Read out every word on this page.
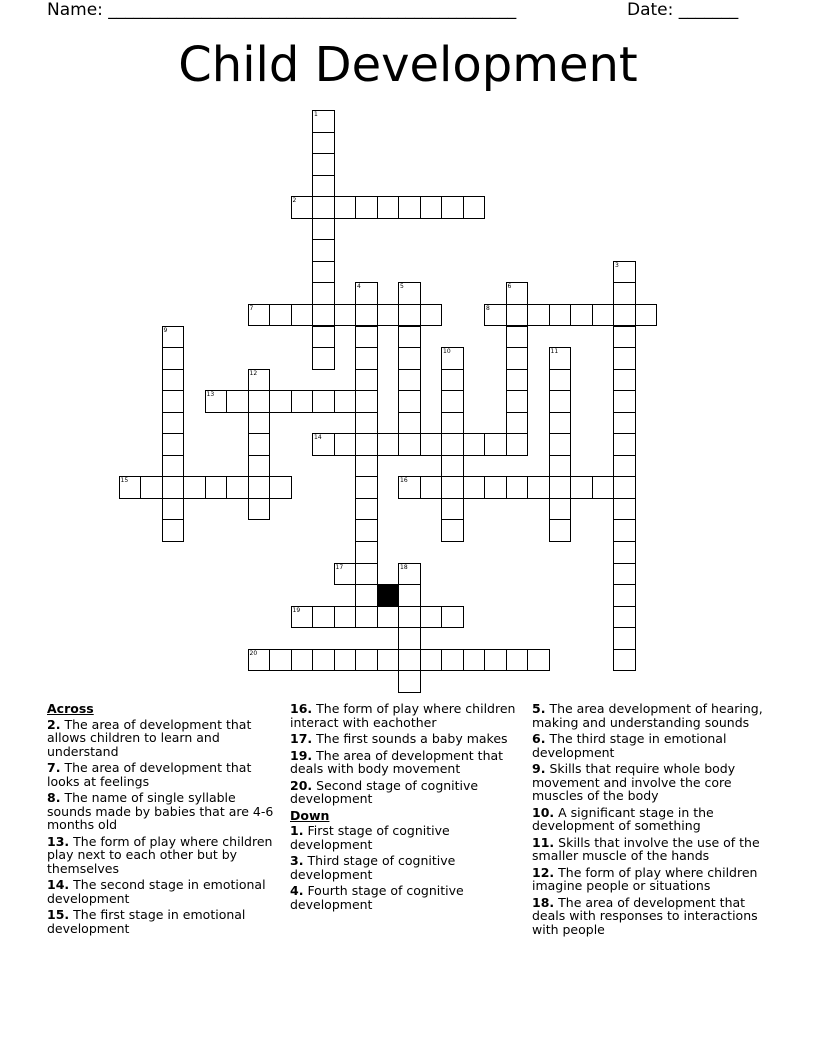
Name: ________________________________________________	Date: _______
Child Development
1
2
3
4	5	6
7	8
9
10	11
12
13
14
15	16
17	18
19
20
Across
2. The area of development that allows children to learn and understand
7. The area of development that looks at feelings
8. The name of single syllable sounds made by babies that are 4-6 months old
13. The form of play where children play next to each other but by themselves
14. The second stage in emotional development
15. The first stage in emotional development
16. The form of play where children interact with eachother
17. The first sounds a baby makes
19. The area of development that deals with body movement
20. Second stage of cognitive development
Down
1. First stage of cognitive development
3. Third stage of cognitive development
4. Fourth stage of cognitive development
5. The area development of hearing, making and understanding sounds
6. The third stage in emotional development
9. Skills that require whole body movement and involve the core muscles of the body
10. A significant stage in the development of something
11. Skills that involve the use of the smaller muscle of the hands
12. The form of play where children imagine people or situations
18. The area of development that deals with responses to interactions with people
